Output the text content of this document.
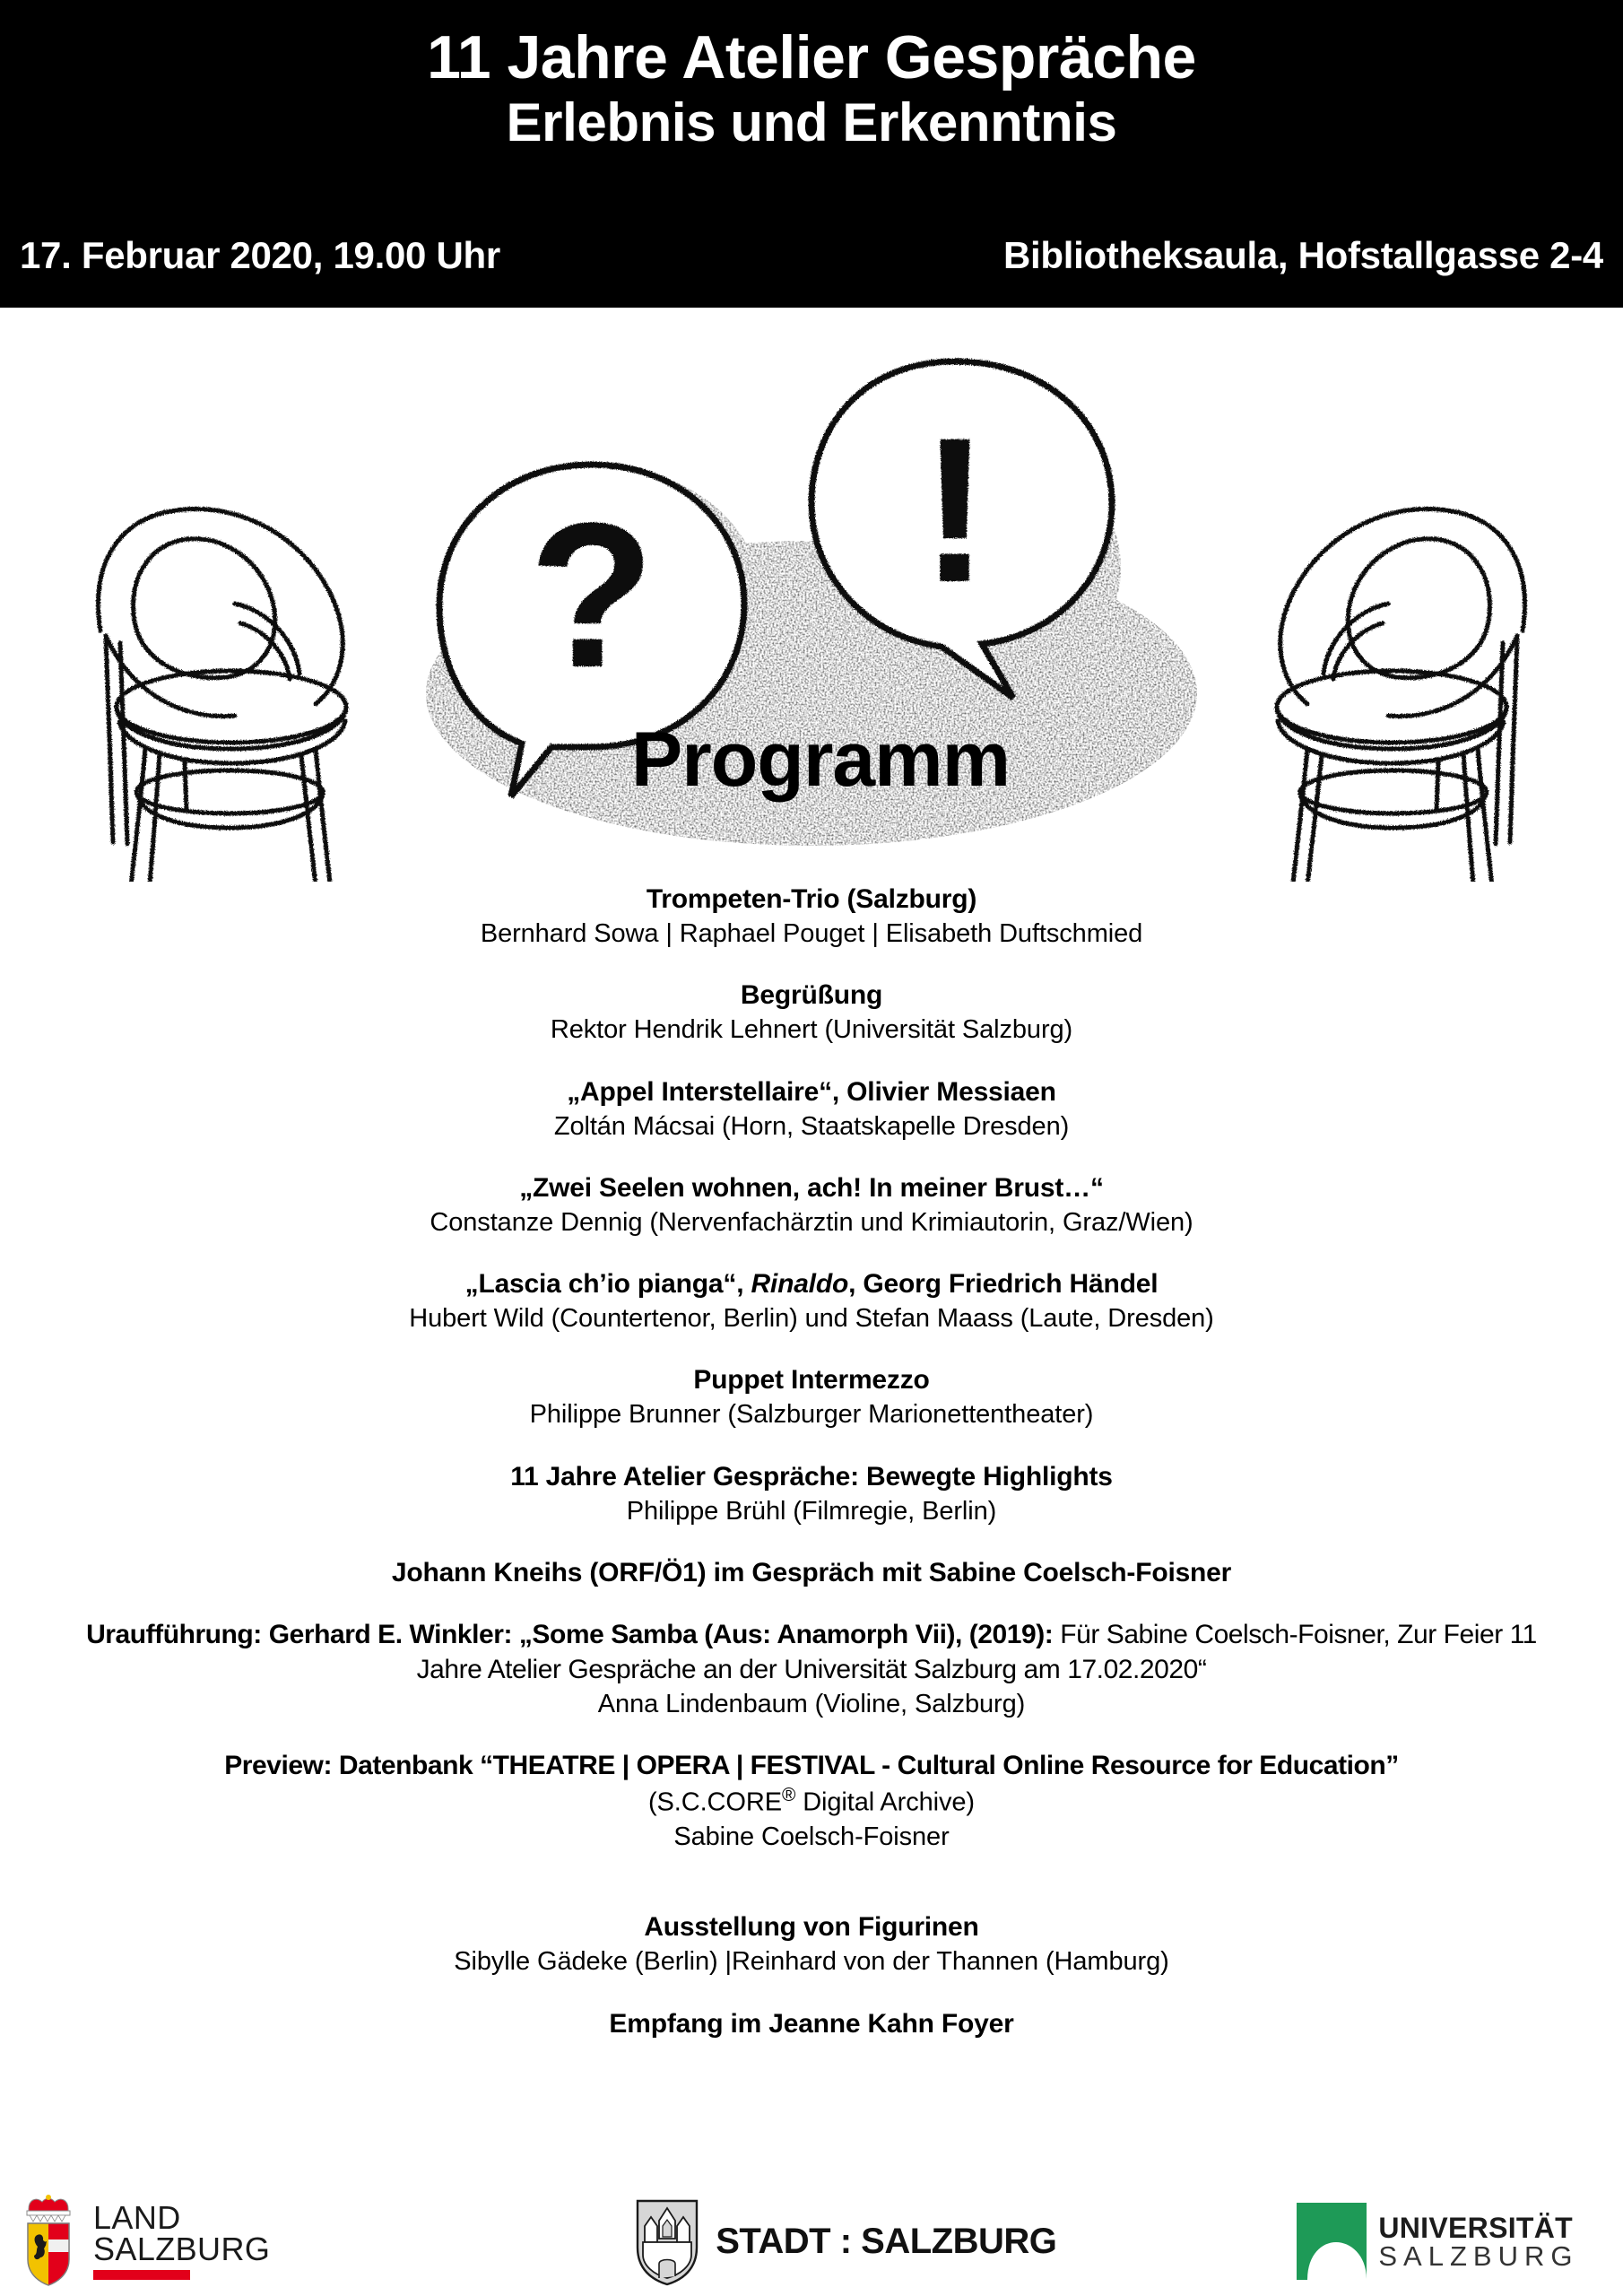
11 Jahre Atelier Gespräche
Erlebnis und Erkenntnis
17. Februar 2020, 19.00 Uhr	Bibliotheksaula, Hofstallgasse 2-4
? !
Programm
Trompeten-Trio (Salzburg)
Bernhard Sowa | Raphael Pouget | Elisabeth Duftschmied
Begrüßung
Rektor Hendrik Lehnert (Universität Salzburg)
„Appel Interstellaire“, Olivier Messiaen
Zoltán Mácsai (Horn, Staatskapelle Dresden)
„Zwei Seelen wohnen, ach! In meiner Brust…“
Constanze Dennig (Nervenfachärztin und Krimiautorin, Graz/Wien)
„Lascia ch’io pianga“, Rinaldo, Georg Friedrich Händel
Hubert Wild (Countertenor, Berlin) und Stefan Maass (Laute, Dresden)
Puppet Intermezzo
Philippe Brunner (Salzburger Marionettentheater)
11 Jahre Atelier Gespräche: Bewegte Highlights
Philippe Brühl (Filmregie, Berlin)
Johann Kneihs (ORF/Ö1) im Gespräch mit Sabine Coelsch-Foisner
Uraufführung: Gerhard E. Winkler: „Some Samba (Aus: Anamorph Vii), (2019): Für Sabine Coelsch-Foisner, Zur Feier 11 Jahre Atelier Gespräche an der Universität Salzburg am 17.02.2020“
Anna Lindenbaum (Violine, Salzburg)
Preview: Datenbank “THEATRE | OPERA | FESTIVAL - Cultural Online Resource for Education”
(S.C.CORE® Digital Archive)
Sabine Coelsch-Foisner
Ausstellung von Figurinen
Sibylle Gädeke (Berlin) |Reinhard von der Thannen (Hamburg)
Empfang im Jeanne Kahn Foyer
LAND
SALZBURG	STADT : SALZBURG	UNIVERSITÄT
SALZBURG
